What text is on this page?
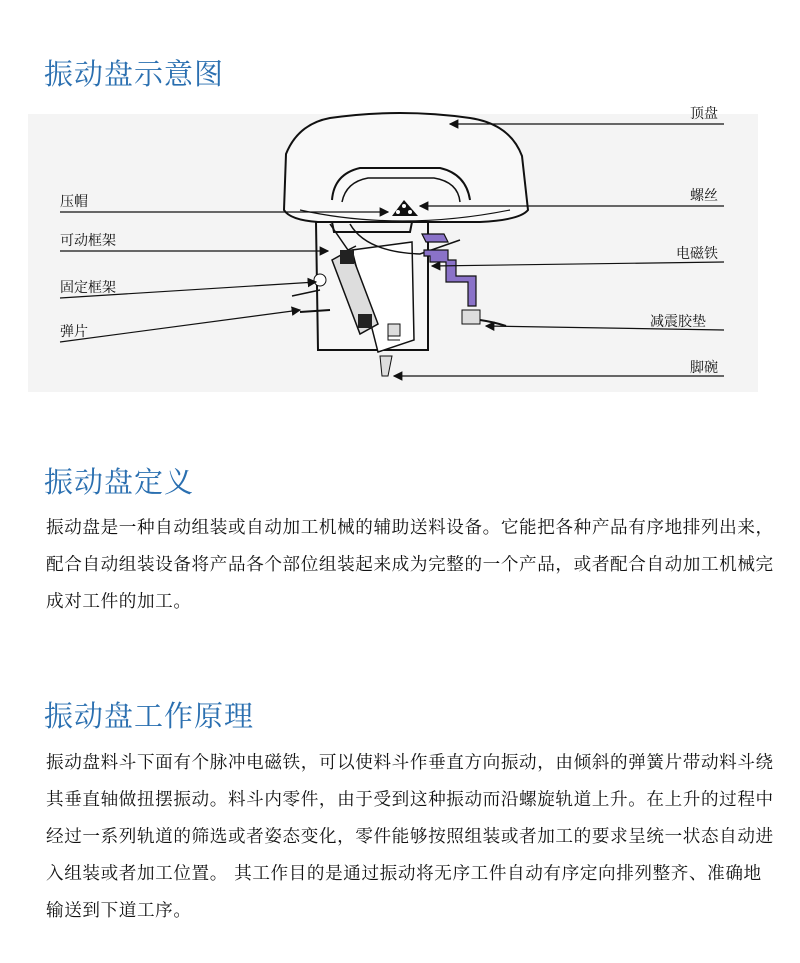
振动盘示意图
顶盘
螺丝
电磁铁
减震胶垫
脚碗
压帽
可动框架
固定框架
弹片
振动盘定义

振动盘是一种自动组装或自动加工机械的辅助送料设备。它能把各种产品有序地排列出来，配合自动组装设备将产品各个部位组装起来成为完整的一个产品，或者配合自动加工机械完成对工件的加工。

振动盘工作原理

振动盘料斗下面有个脉冲电磁铁，可以使料斗作垂直方向振动，由倾斜的弹簧片带动料斗绕其垂直轴做扭摆振动。料斗内零件，由于受到这种振动而沿螺旋轨道上升。在上升的过程中经过一系列轨道的筛选或者姿态变化，零件能够按照组装或者加工的要求呈统一状态自动进入组装或者加工位置。 其工作目的是通过振动将无序工件自动有序定向排列整齐、准确地输送到下道工序。
